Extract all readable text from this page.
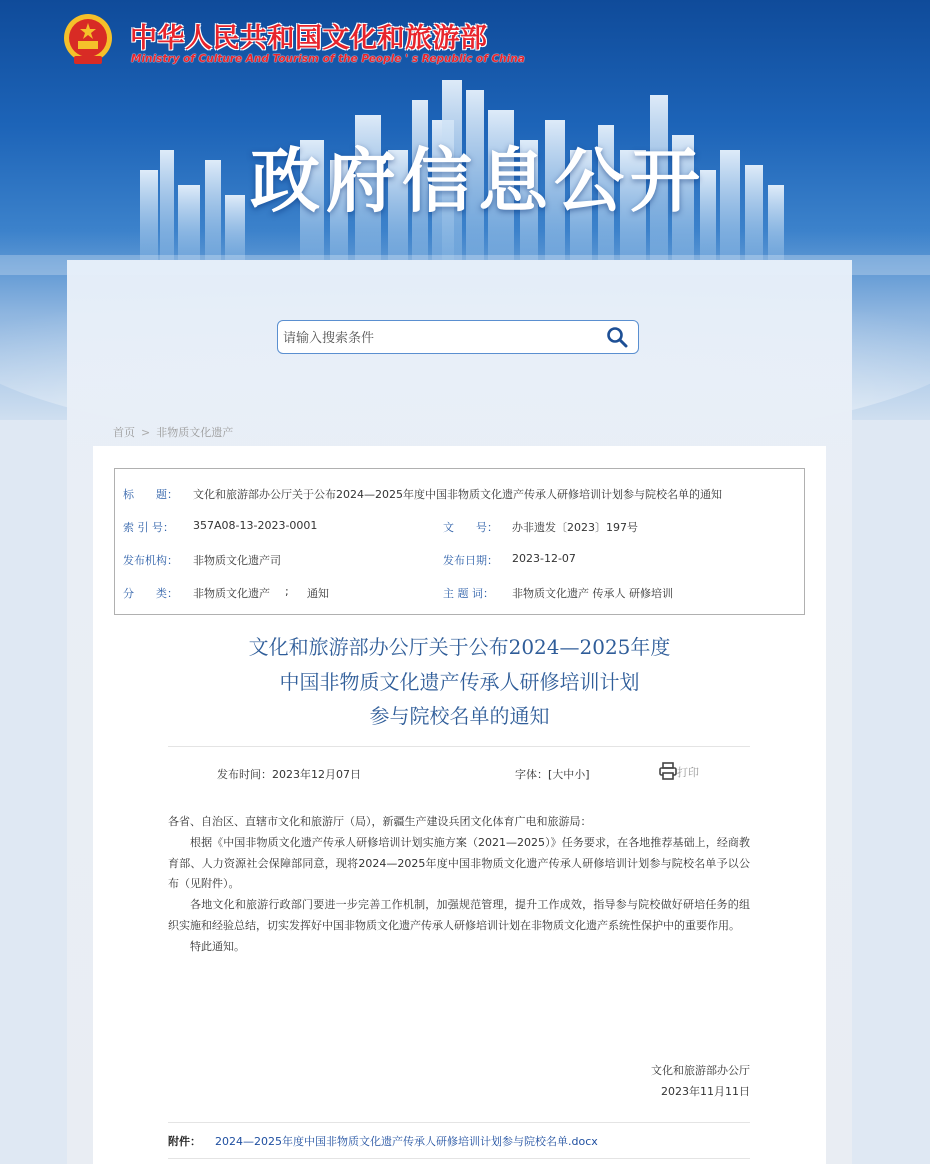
中华人民共和国文化和旅游部
Ministry of Culture And Tourism of the People ' s Republic of China
政府信息公开
请输入搜索条件
首页 > 非物质文化遗产
标　　题： 文化和旅游部办公厅关于公布2024—2025年度中国非物质文化遗产传承人研修培训计划参与院校名单的通知
索 引 号： 357A08-13-2023-0001	文　　号： 办非遗发〔2023〕197号
发布机构： 非物质文化遗产司	发布日期： 2023-12-07
分　　类： 非物质文化遗产 ; 通知	主 题 词： 非物质文化遗产 传承人 研修培训
文化和旅游部办公厅关于公布2024—2025年度
中国非物质文化遗产传承人研修培训计划
参与院校名单的通知
发布时间：2023年12月07日	字体：[大中小]	打印

各省、自治区、直辖市文化和旅游厅（局），新疆生产建设兵团文化体育广电和旅游局：

根据《中国非物质文化遗产传承人研修培训计划实施方案（2021—2025）》任务要求，在各地推荐基础上，经商教育部、人力资源社会保障部同意，现将2024—2025年度中国非物质文化遗产传承人研修培训计划参与院校名单予以公布（见附件）。

各地文化和旅游行政部门要进一步完善工作机制，加强规范管理，提升工作成效，指导参与院校做好研培任务的组织实施和经验总结，切实发挥好中国非物质文化遗产传承人研修培训计划在非物质文化遗产系统性保护中的重要作用。

特此通知。

文化和旅游部办公厅
2023年11月11日
附件： 2024—2025年度中国非物质文化遗产传承人研修培训计划参与院校名单.docx
